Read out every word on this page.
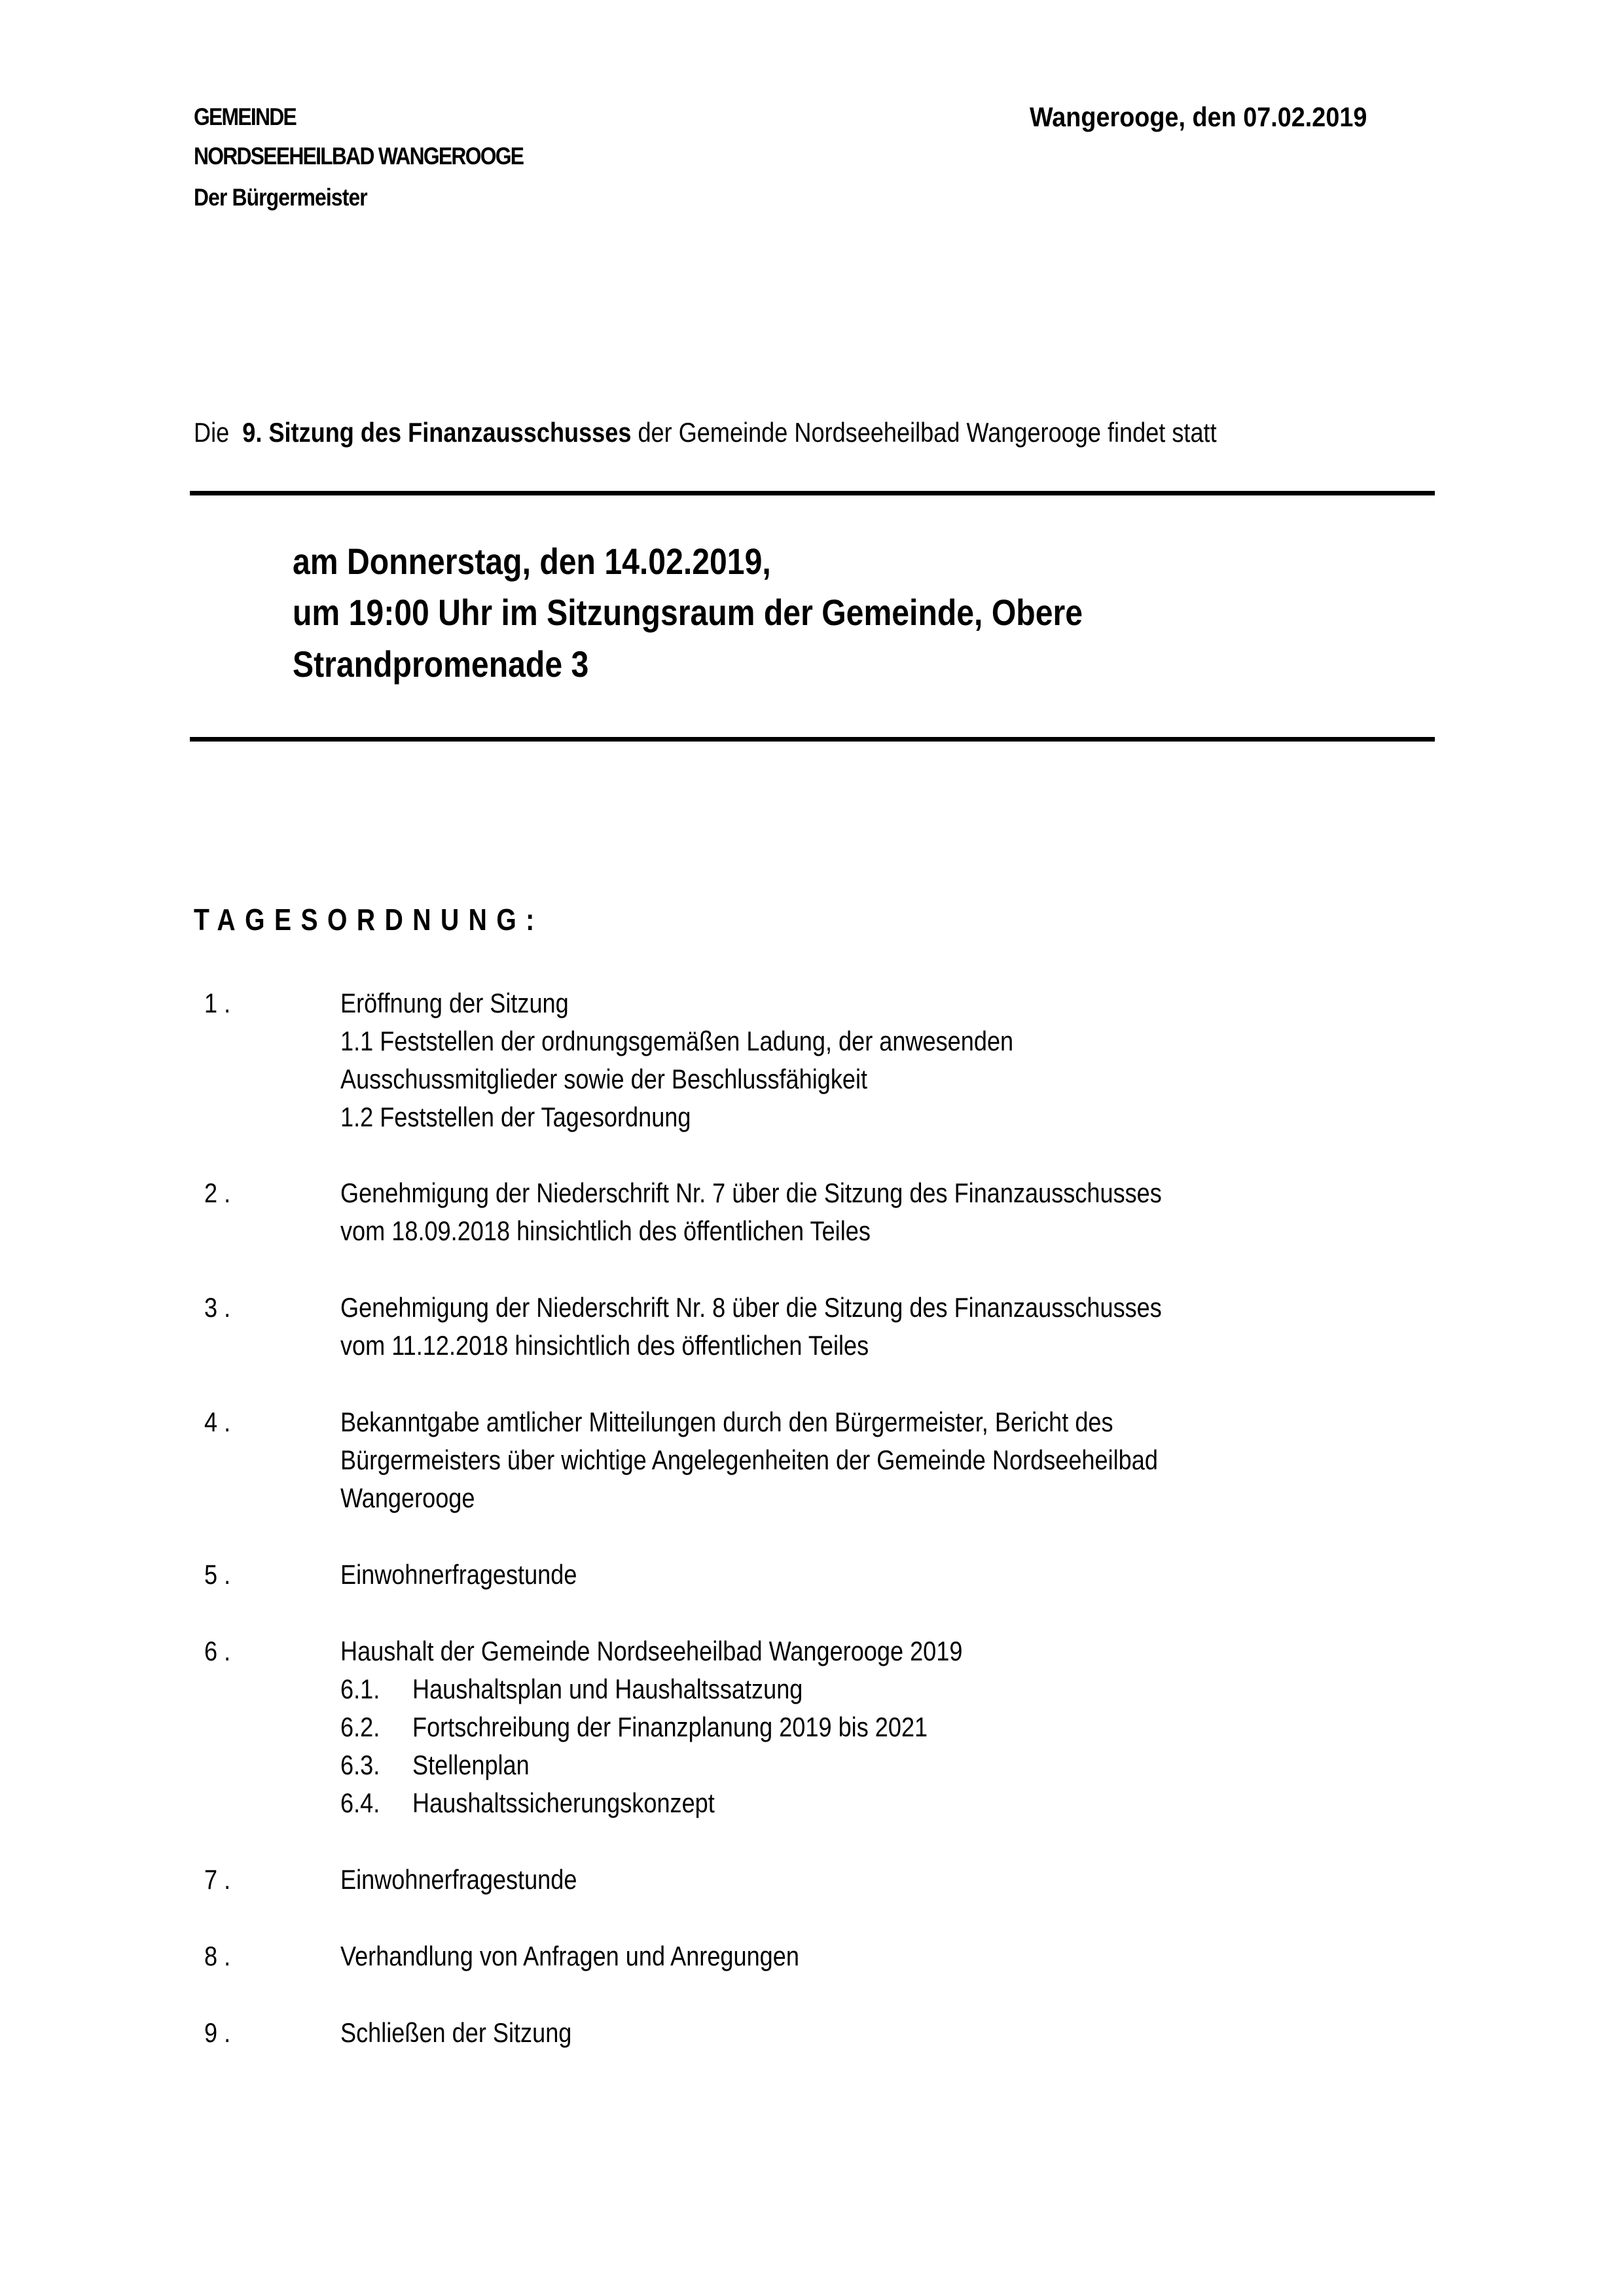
GEMEINDE
NORDSEEHEILBAD WANGEROOGE
Der Bürgermeister
Wangerooge, den 07.02.2019
Die 9. Sitzung des Finanzausschusses der Gemeinde Nordseeheilbad Wangerooge findet statt
am Donnerstag, den 14.02.2019,
um 19:00 Uhr im Sitzungsraum der Gemeinde, Obere
Strandpromenade 3
TAGESORDNUNG:
1 .	Eröffnung der Sitzung
1.1 Feststellen der ordnungsgemäßen Ladung, der anwesenden
Ausschussmitglieder sowie der Beschlussfähigkeit
1.2 Feststellen der Tagesordnung
2 .	Genehmigung der Niederschrift Nr. 7 über die Sitzung des Finanzausschusses
vom 18.09.2018 hinsichtlich des öffentlichen Teiles
3 .	Genehmigung der Niederschrift Nr. 8 über die Sitzung des Finanzausschusses
vom 11.12.2018 hinsichtlich des öffentlichen Teiles
4 .	Bekanntgabe amtlicher Mitteilungen durch den Bürgermeister, Bericht des
Bürgermeisters über wichtige Angelegenheiten der Gemeinde Nordseeheilbad
Wangerooge
5 .	Einwohnerfragestunde
6 .	Haushalt der Gemeinde Nordseeheilbad Wangerooge 2019
6.1. Haushaltsplan und Haushaltssatzung
6.2. Fortschreibung der Finanzplanung 2019 bis 2021
6.3. Stellenplan
6.4. Haushaltssicherungskonzept
7 .	Einwohnerfragestunde
8 .	Verhandlung von Anfragen und Anregungen
9 .	Schließen der Sitzung
